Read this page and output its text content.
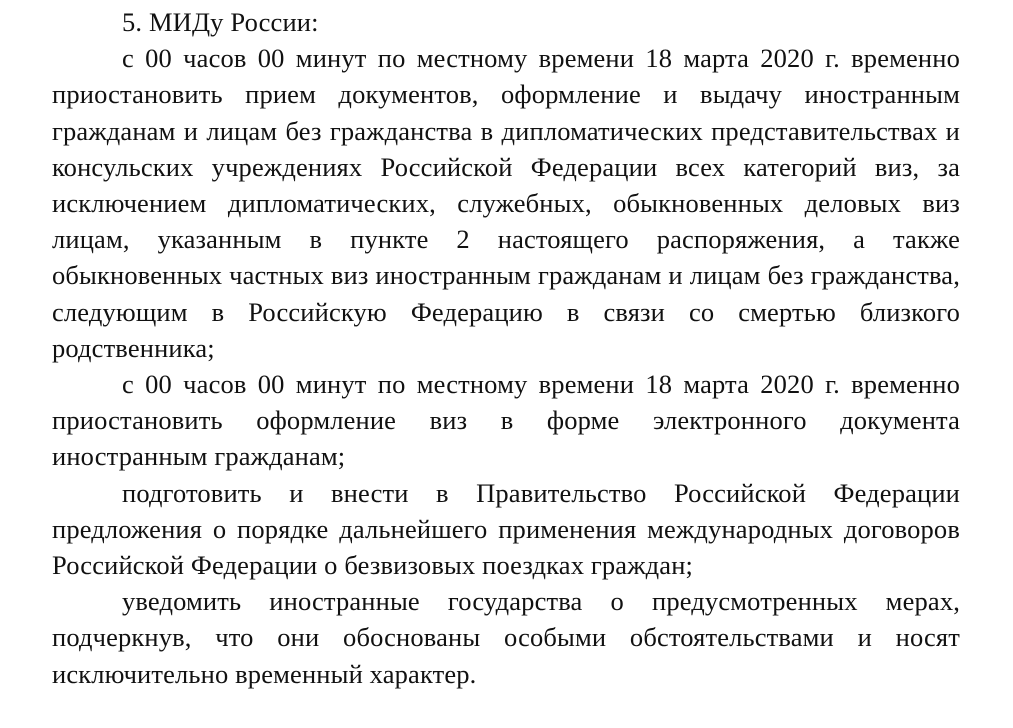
5. МИДу России:

с 00 часов 00 минут по местному времени 18 марта 2020 г. временно приостановить прием документов, оформление и выдачу иностранным гражданам и лицам без гражданства в дипломатических представительствах и консульских учреждениях Российской Федерации всех категорий виз, за исключением дипломатических, служебных, обыкновенных деловых виз лицам, указанным в пункте 2 настоящего распоряжения, а также обыкновенных частных виз иностранным гражданам и лицам без гражданства, следующим в Российскую Федерацию в связи со смертью близкого родственника;

с 00 часов 00 минут по местному времени 18 марта 2020 г. временно приостановить оформление виз в форме электронного документа иностранным гражданам;

подготовить и внести в Правительство Российской Федерации предложения о порядке дальнейшего применения международных договоров Российской Федерации о безвизовых поездках граждан;

уведомить иностранные государства о предусмотренных мерах, подчеркнув, что они обоснованы особыми обстоятельствами и носят исключительно временный характер.
